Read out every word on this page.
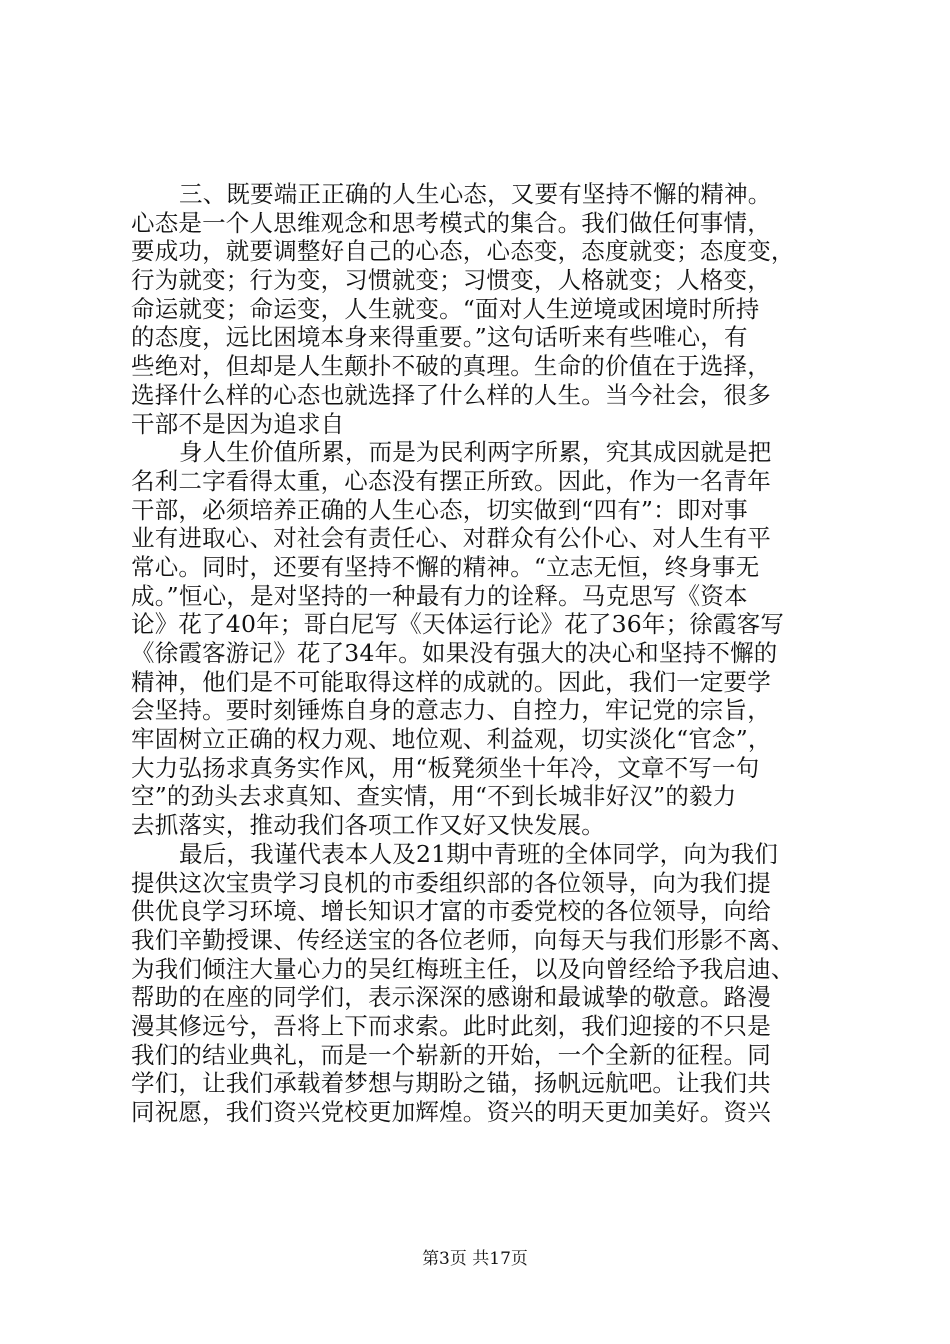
三、既要端正正确的人生心态，又要有坚持不懈的精神。
心态是一个人思维观念和思考模式的集合。我们做任何事情，
要成功，就要调整好自己的心态，心态变，态度就变；态度变，
行为就变；行为变，习惯就变；习惯变，人格就变；人格变，
命运就变；命运变，人生就变。“面对人生逆境或困境时所持
的态度，远比困境本身来得重要。”这句话听来有些唯心，有
些绝对，但却是人生颠扑不破的真理。生命的价值在于选择，
选择什么样的心态也就选择了什么样的人生。当今社会，很多
干部不是因为追求自
身人生价值所累，而是为民利两字所累，究其成因就是把
名利二字看得太重，心态没有摆正所致。因此，作为一名青年
干部，必须培养正确的人生心态，切实做到“四有”：即对事
业有进取心、对社会有责任心、对群众有公仆心、对人生有平
常心。同时，还要有坚持不懈的精神。“立志无恒，终身事无
成。”恒心，是对坚持的一种最有力的诠释。马克思写《资本
论》花了40年；哥白尼写《天体运行论》花了36年；徐霞客写
《徐霞客游记》花了34年。如果没有强大的决心和坚持不懈的
精神，他们是不可能取得这样的成就的。因此，我们一定要学
会坚持。要时刻锤炼自身的意志力、自控力，牢记党的宗旨，
牢固树立正确的权力观、地位观、利益观，切实淡化“官念”，
大力弘扬求真务实作风，用“板凳须坐十年冷，文章不写一句
空”的劲头去求真知、查实情，用“不到长城非好汉”的毅力
去抓落实，推动我们各项工作又好又快发展。
最后，我谨代表本人及21期中青班的全体同学，向为我们
提供这次宝贵学习良机的市委组织部的各位领导，向为我们提
供优良学习环境、增长知识才富的市委党校的各位领导，向给
我们辛勤授课、传经送宝的各位老师，向每天与我们形影不离、
为我们倾注大量心力的吴红梅班主任，以及向曾经给予我启迪、
帮助的在座的同学们，表示深深的感谢和最诚挚的敬意。路漫
漫其修远兮，吾将上下而求索。此时此刻，我们迎接的不只是
我们的结业典礼，而是一个崭新的开始，一个全新的征程。同
学们，让我们承载着梦想与期盼之锚，扬帆远航吧。让我们共
同祝愿，我们资兴党校更加辉煌。资兴的明天更加美好。资兴
第3页 共17页
